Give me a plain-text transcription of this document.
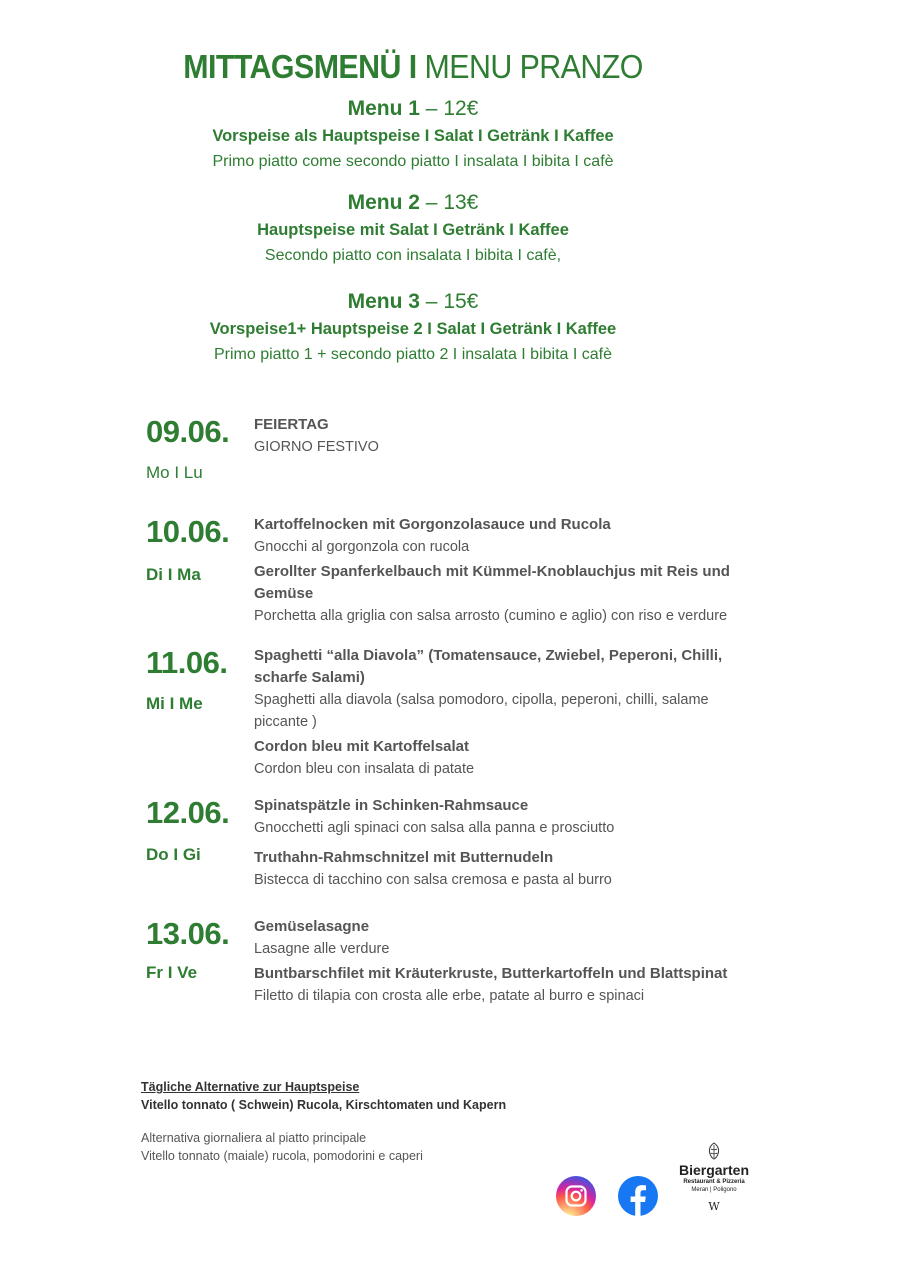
MITTAGSMENÜ I MENU PRANZO
Menu 1 – 12€
Vorspeise als Hauptspeise I Salat I Getränk I Kaffee
Primo piatto come secondo piatto I insalata I bibita I cafè
Menu 2 – 13€
Hauptspeise mit Salat I Getränk I Kaffee
Secondo piatto con insalata I bibita I cafè,
Menu 3 – 15€
Vorspeise1+ Hauptspeise 2 I Salat I Getränk I Kaffee
Primo piatto 1 + secondo piatto 2 I insalata I bibita I cafè
09.06.
Mo I Lu
FEIERTAG
GIORNO FESTIVO
10.06.
Di I Ma
Kartoffelnocken mit Gorgonzolasauce und Rucola
Gnocchi al gorgonzola con rucola
Gerollter Spanferkelbauch mit Kümmel-Knoblauchjus mit Reis und Gemüse
Porchetta alla griglia con salsa arrosto (cumino e aglio) con riso e verdure
11.06.
Mi I Me
Spaghetti “alla Diavola” (Tomatensauce, Zwiebel, Peperoni, Chilli, scharfe Salami)
Spaghetti alla diavola (salsa pomodoro, cipolla, peperoni, chilli, salame piccante )
Cordon bleu mit Kartoffelsalat
Cordon bleu con insalata di patate
12.06.
Do I Gi
Spinatspätzle in Schinken-Rahmsauce
Gnocchetti agli spinaci con salsa alla panna e prosciutto
Truthahn-Rahmschnitzel mit Butternudeln
Bistecca di tacchino con salsa cremosa e pasta al burro
13.06.
Fr I Ve
Gemüselasagne
Lasagne alle verdure
Buntbarschfilet mit Kräuterkruste, Butterkartoffeln und Blattspinat
Filetto di tilapia con crosta alle erbe, patate al burro e spinaci
Tägliche Alternative zur Hauptspeise
Vitello tonnato ( Schwein) Rucola, Kirschtomaten und Kapern
Alternativa giornaliera al piatto principale
Vitello tonnato (maiale) rucola, pomodorini e caperi
Biergarten
Restaurant & Pizzeria
Meran | Poligono
W
